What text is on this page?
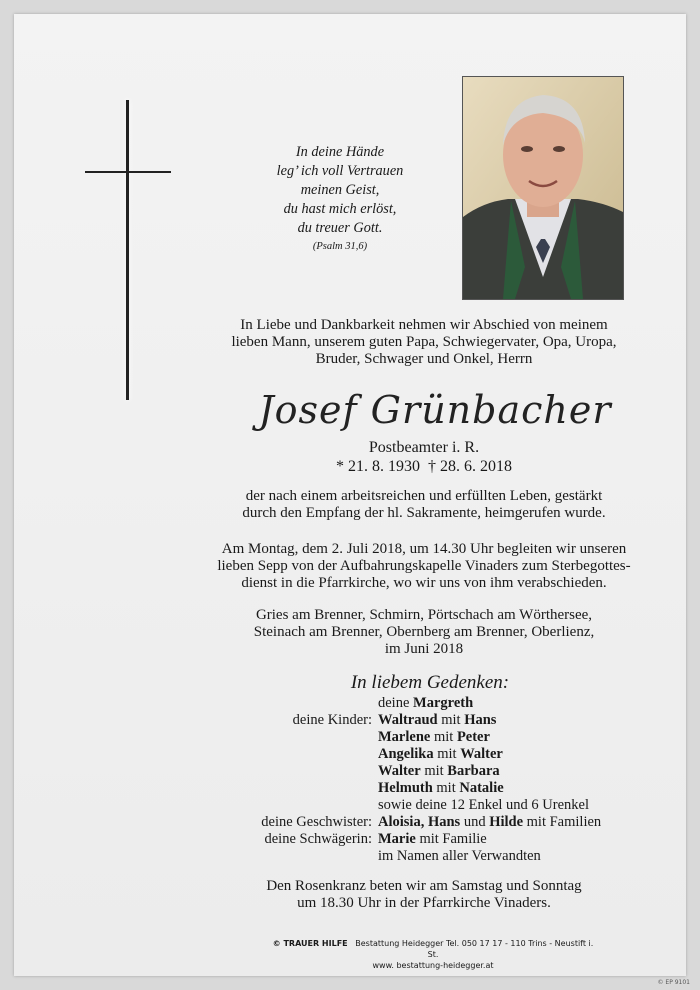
In deine Hände
leg’ ich voll Vertrauen
meinen Geist,
du hast mich erlöst,
du treuer Gott.
(Psalm 31,6)
In Liebe und Dankbarkeit nehmen wir Abschied von meinem
lieben Mann, unserem guten Papa, Schwiegervater, Opa, Uropa,
Bruder, Schwager und Onkel, Herrn
Josef Grünbacher
Postbeamter i. R.
* 21. 8. 1930  † 28. 6. 2018
der nach einem arbeitsreichen und erfüllten Leben, gestärkt
durch den Empfang der hl. Sakramente, heimgerufen wurde.
Am Montag, dem 2. Juli 2018, um 14.30 Uhr begleiten wir unseren
lieben Sepp von der Aufbahrungskapelle Vinaders zum Sterbegottes-
dienst in die Pfarrkirche, wo wir uns von ihm verabschieden.
Gries am Brenner, Schmirn, Pörtschach am Wörthersee,
Steinach am Brenner, Obernberg am Brenner, Oberlienz,
im Juni 2018
In liebem Gedenken:
deine Margreth
deine Kinder: Waltraud mit Hans
Marlene mit Peter
Angelika mit Walter
Walter mit Barbara
Helmuth mit Natalie
sowie deine 12 Enkel und 6 Urenkel
deine Geschwister: Aloisia, Hans und Hilde mit Familien
deine Schwägerin: Marie mit Familie
im Namen aller Verwandten
Den Rosenkranz beten wir am Samstag und Sonntag
um 18.30 Uhr in der Pfarrkirche Vinaders.
© TRAUER HILFE Bestattung Heidegger Tel. 050 17 17 - 110 Trins - Neustift i. St.
www. bestattung-heidegger.at
© EP 9101
